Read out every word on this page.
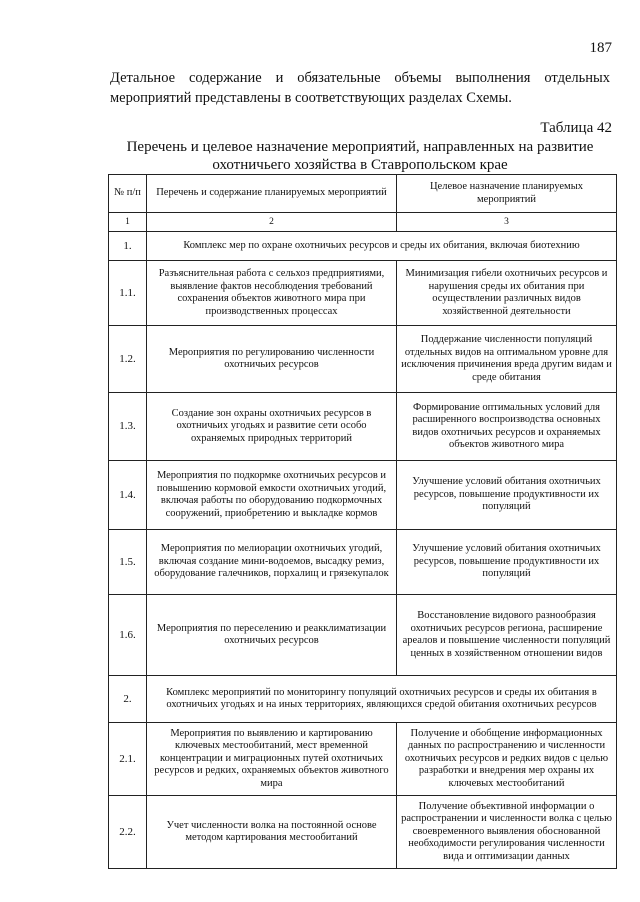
187
Детальное содержание и обязательные объемы выполнения отдельных мероприятий представлены в соответствующих разделах Схемы.
Таблица 42
Перечень и целевое назначение мероприятий, направленных на развитие охотничьего хозяйства в Ставропольском крае
№ п/п	Перечень и содержание планируемых мероприятий	Целевое назначение планируемых мероприятий
1	2	3
1.	Комплекс мер по охране охотничьих ресурсов и среды их обитания, включая биотехнию	
1.1.	Разъяснительная работа с сельхоз предприятиями, выявление фактов несоблюдения требований сохранения объектов животного мира при производственных процессах	Минимизация гибели охотничьих ресурсов и нарушения среды их обитания при осуществлении различных видов хозяйственной деятельности
1.2.	Мероприятия по регулированию численности охотничьих ресурсов	Поддержание численности популяций отдельных видов на оптимальном уровне для исключения причинения вреда другим видам и среде обитания
1.3.	Создание зон охраны охотничьих ресурсов в охотничьих угодьях и развитие сети особо охраняемых природных территорий	Формирование оптимальных условий для расширенного воспроизводства основных видов охотничьих ресурсов и охраняемых объектов животного мира
1.4.	Мероприятия по подкормке охотничьих ресурсов и повышению кормовой емкости охотничьих угодий, включая работы по оборудованию подкормочных сооружений, приобретению и выкладке кормов	Улучшение условий обитания охотничьих ресурсов, повышение продуктивности их популяций
1.5.	Мероприятия по мелиорации охотничьих угодий, включая создание мини-водоемов, высадку ремиз, оборудование галечников, порхалищ и грязекупалок	Улучшение условий обитания охотничьих ресурсов, повышение продуктивности их популяций
1.6.	Мероприятия по переселению и реакклиматизации охотничьих ресурсов	Восстановление видового разнообразия охотничьих ресурсов региона, расширение ареалов и повышение численности популяций ценных в хозяйственном отношении видов
2.	Комплекс мероприятий по мониторингу популяций охотничьих ресурсов и среды их обитания в охотничьих угодьях и на иных территориях, являющихся средой обитания охотничьих ресурсов	
2.1.	Мероприятия по выявлению и картированию ключевых местообитаний, мест временной концентрации и миграционных путей охотничьих ресурсов и редких, охраняемых объектов животного мира	Получение и обобщение информационных данных по распространению и численности охотничьих ресурсов и редких видов с целью разработки и внедрения мер охраны их ключевых местообитаний
2.2.	Учет численности волка на постоянной основе методом картирования местообитаний	Получение объективной информации о распространении и численности волка с целью своевременного выявления обоснованной необходимости регулирования численности вида и оптимизации данных
